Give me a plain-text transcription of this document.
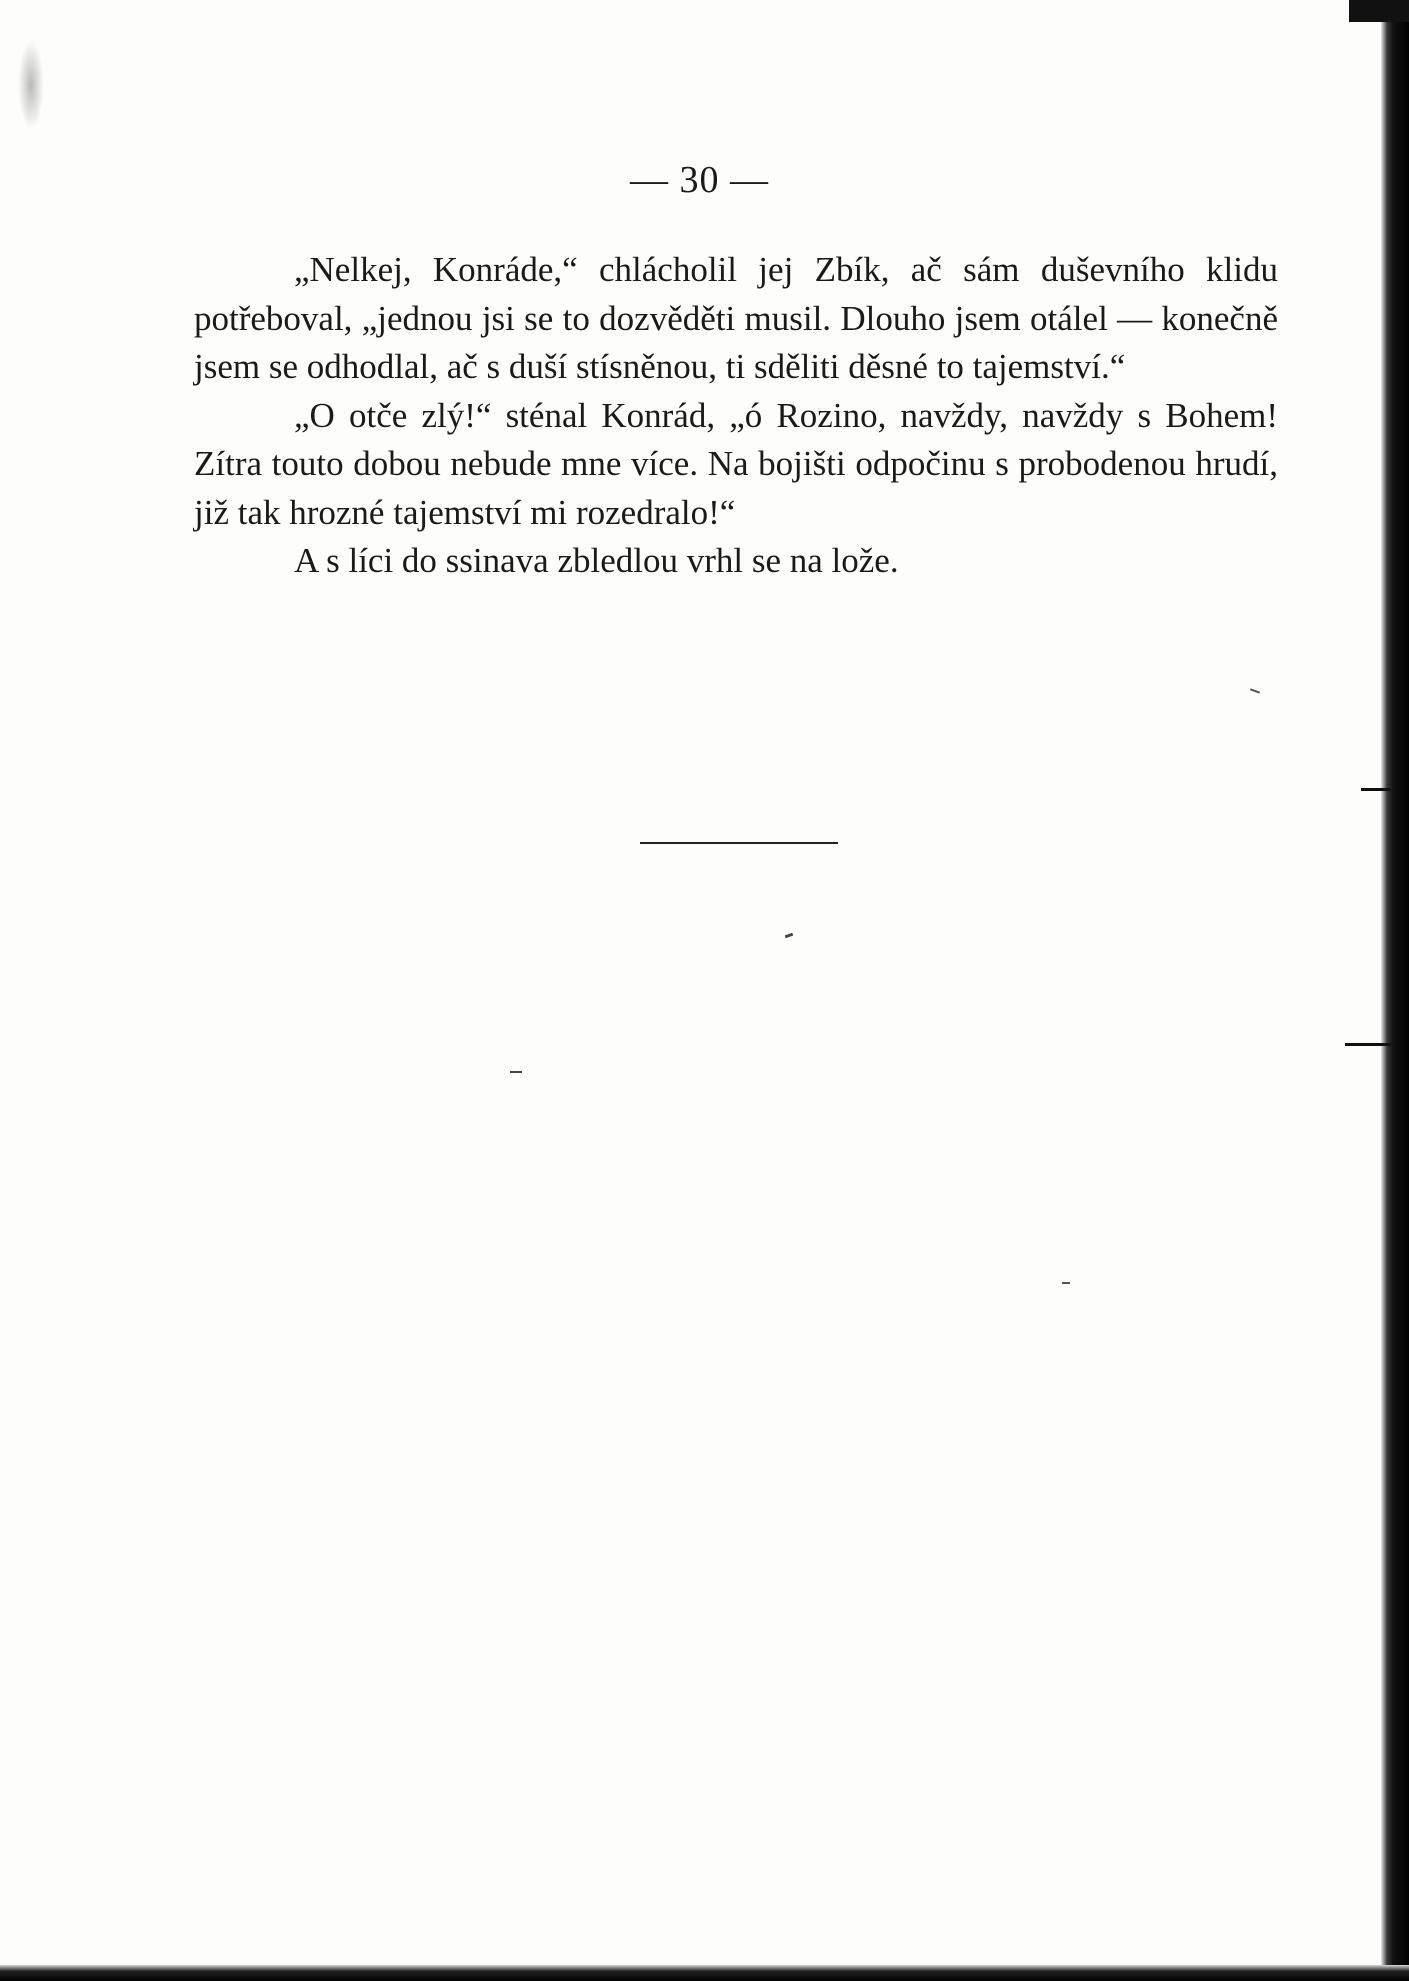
— 30 —

„Nelkej, Konráde,“ chlácholil jej Zbík, ač sám duševního klidu potřeboval, „jednou jsi se to dozvěděti musil. Dlouho jsem otálel — konečně jsem se odhodlal, ač s duší stísněnou, ti sděliti děsné to tajemství.“

„O otče zlý!“ sténal Konrád, „ó Rozino, navždy, navždy s Bohem! Zítra touto dobou nebude mne více. Na bojišti odpočinu s probodenou hrudí, již tak hrozné tajemství mi rozedralo!“

A s líci do ssinava zbledlou vrhl se na lože.
